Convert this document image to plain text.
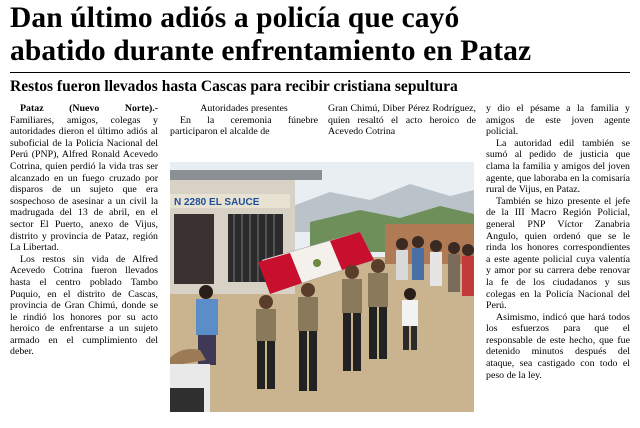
Dan último adiós a policía que cayó
abatido durante enfrentamiento en Pataz
Restos fueron llevados hasta Cascas para recibir cristiana sepultura

Pataz (Nuevo Norte).- Familiares, amigos, colegas y autoridades dieron el último adiós al suboficial de la Policía Nacional del Perú (PNP), Alfred Ronald Acevedo Cotrina, quien perdió la vida tras ser alcanzado en un fuego cruzado por disparos de un sujeto que era sospechoso de asesinar a un civil la madrugada del 13 de abril, en el sector El Puerto, anexo de Vijus, distrito y provincia de Pataz, región La Libertad.

Los restos sin vida de Alfred Acevedo Cotrina fueron llevados hasta el centro poblado Tambo Puquio, en el distrito de Cascas, provincia de Gran Chimú, donde se le rindió los honores por su acto heroico de enfrentarse a un sujeto armado en el cumplimiento del deber.

Autoridades presentes

En la ceremonia fúnebre participaron el alcalde de

Gran Chimú, Diber Pérez Rodríguez, quien resaltó el acto heroico de Acevedo Cotrina

y dio el pésame a la familia y amigos de este joven agente policial.

La autoridad edil también se sumó al pedido de justicia que clama la familia y amigos del joven agente, que laboraba en la comisaría rural de Vijus, en Pataz.

También se hizo presente el jefe de la III Macro Región Policial, general PNP Víctor Zanabria Angulo, quien ordenó que se le rinda los honores correspondientes a este agente policial cuya valentía y amor por su carrera debe renovar la fe de los ciudadanos y sus colegas en la Policía Nacional del Perú.

Asimismo, indicó que hará todos los esfuerzos para que el responsable de este hecho, que fue detenido minutos después del ataque, sea castigado con todo el peso de la ley.

N 2280 EL SAUCE
